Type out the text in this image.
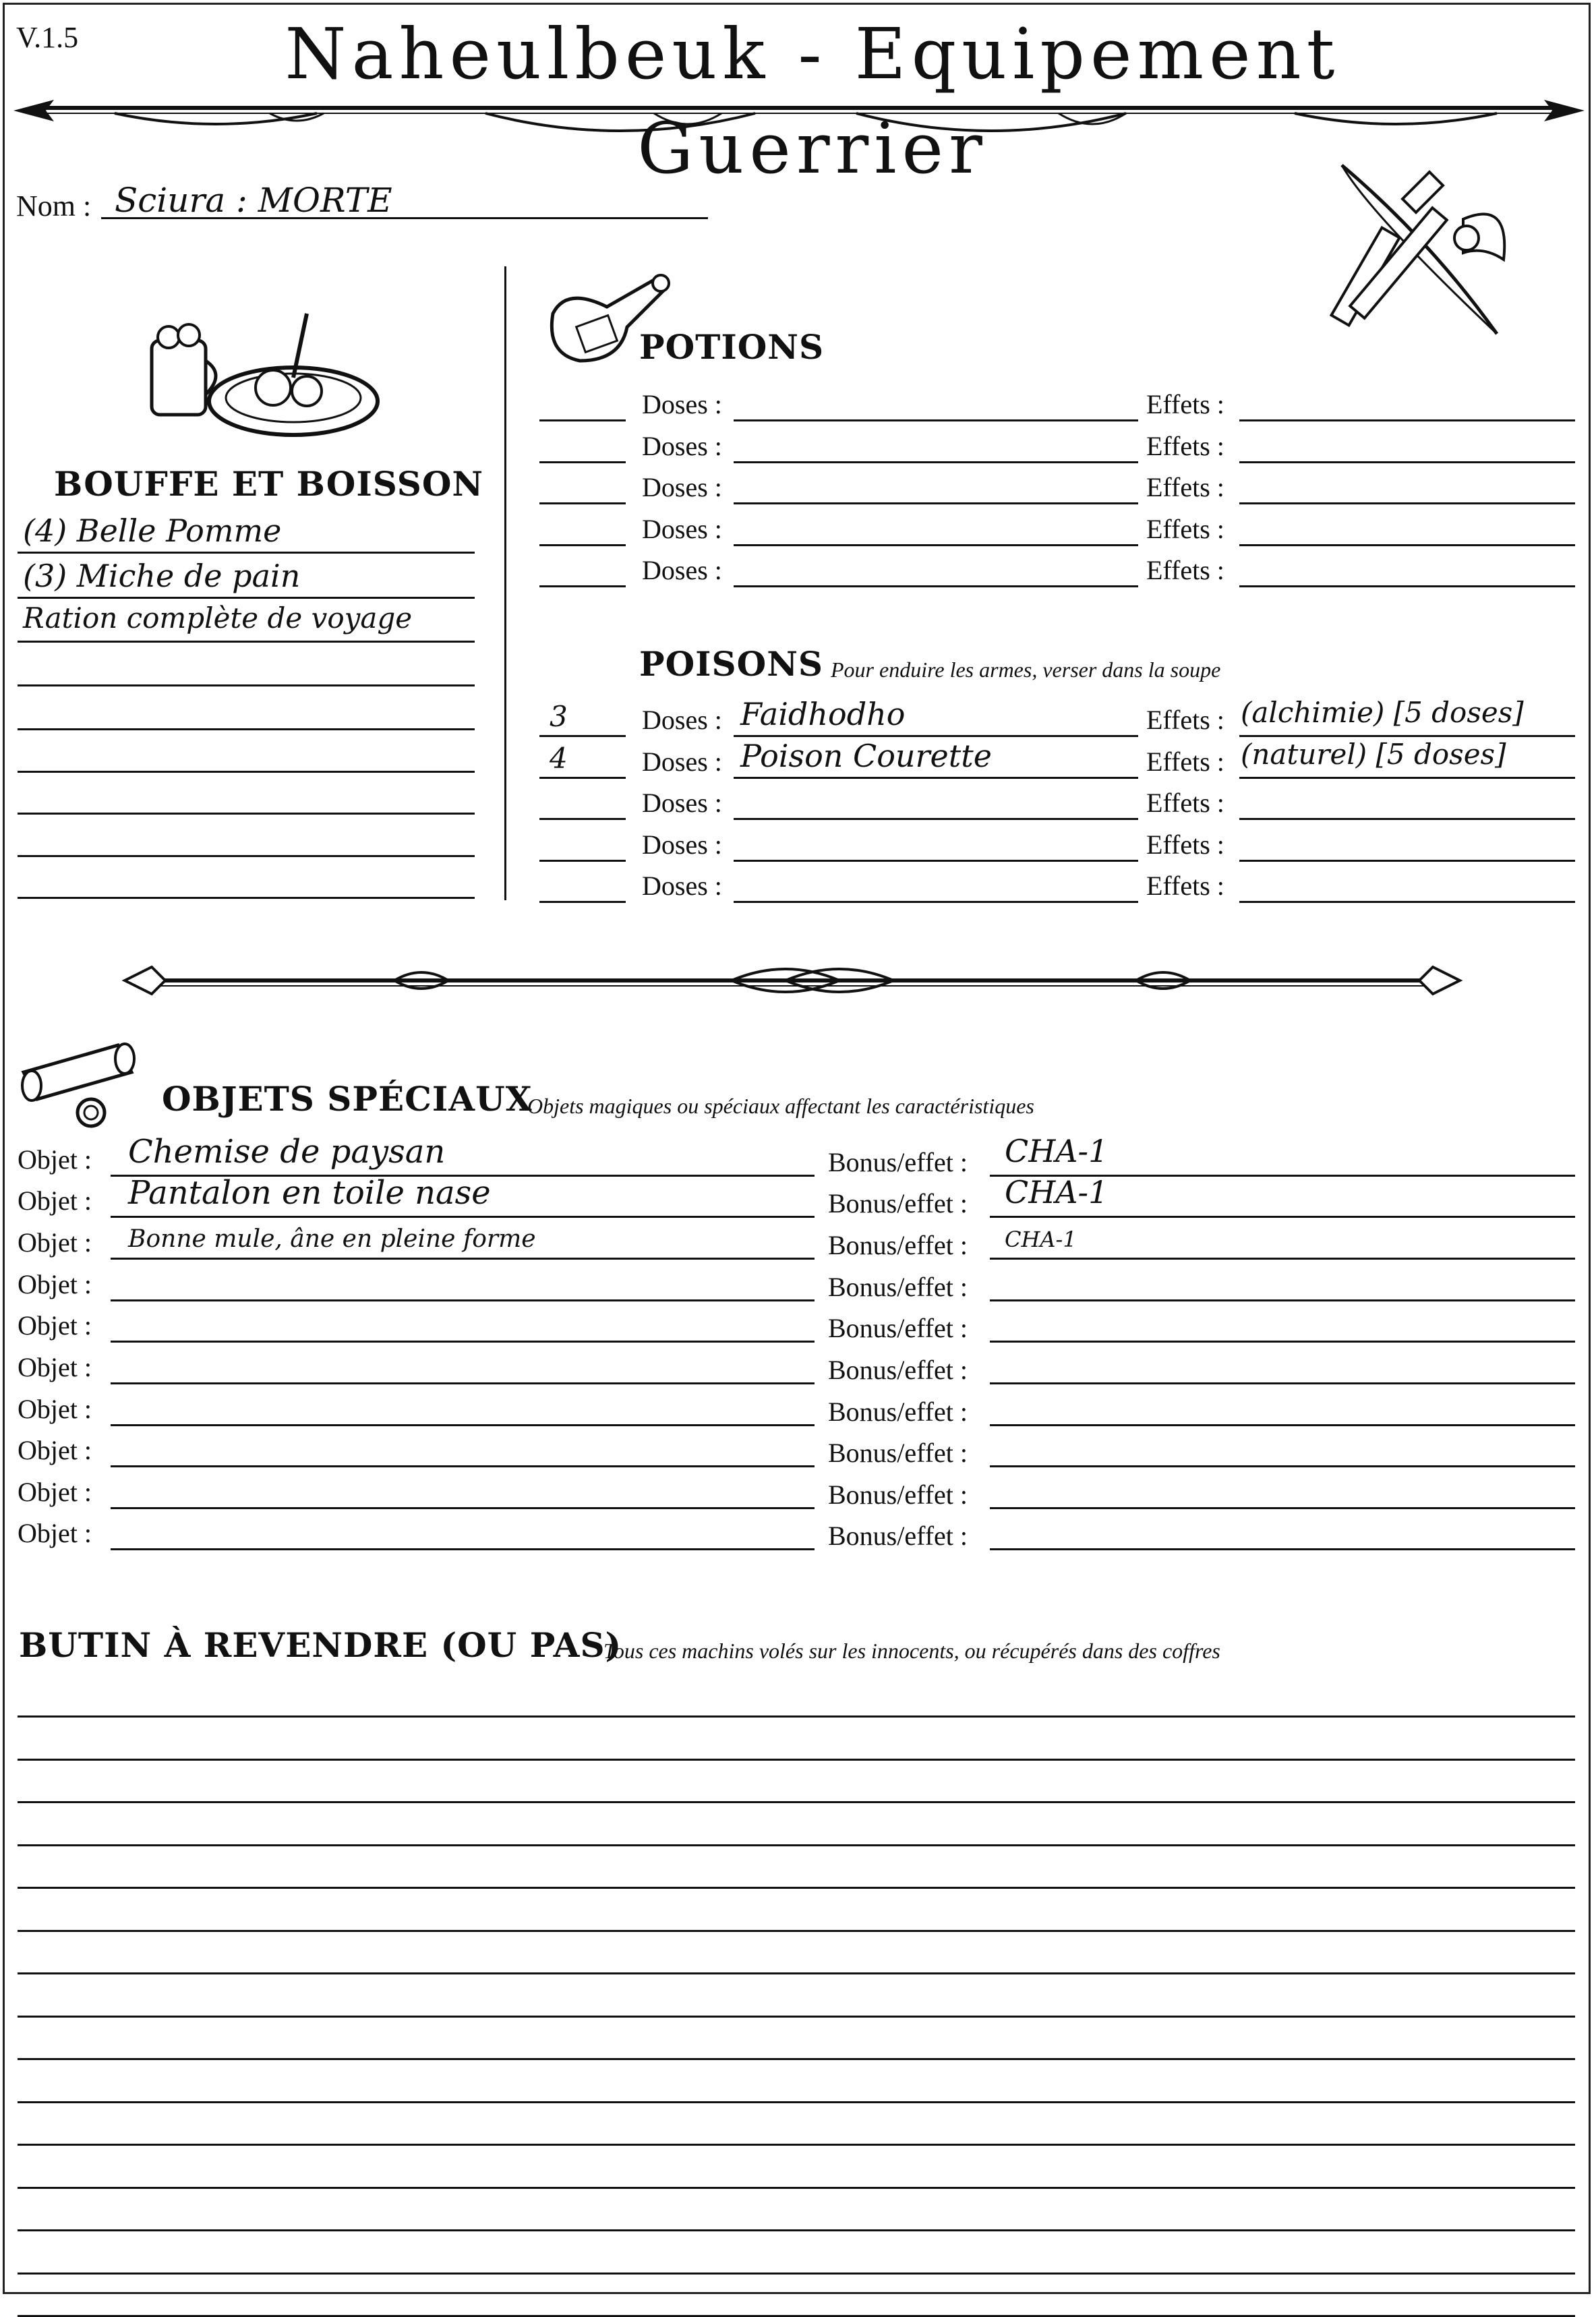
V.1.5	Naheulbeuk - Equipement Guerrier
Nom : Sciura : MORTE
BOUFFE ET BOISSON
(4) Belle Pomme
(3) Miche de pain
Ration complète de voyage
POTIONS
Doses :	Effets :
Doses :	Effets :
Doses :	Effets :
Doses :	Effets :
Doses :	Effets :
POISONS Pour enduire les armes, verser dans la soupe
3	Doses : Faidhodho	Effets : (alchimie) [5 doses]
4	Doses : Poison Courette	Effets : (naturel) [5 doses]
Doses :	Effets :
Doses :	Effets :
Doses :	Effets :
OBJETS SPÉCIAUX
Objets magiques ou spéciaux affectant les caractéristiques
Objet : Chemise de paysan	Bonus/effet : CHA-1
Objet : Pantalon en toile nase	Bonus/effet : CHA-1
Objet : Bonne mule, âne en pleine forme	Bonus/effet : CHA-1
Objet :	Bonus/effet :
Objet :	Bonus/effet :
Objet :	Bonus/effet :
Objet :	Bonus/effet :
Objet :	Bonus/effet :
Objet :	Bonus/effet :
Objet :	Bonus/effet :
BUTIN À REVENDRE (OU PAS)
Tous ces machins volés sur les innocents, ou récupérés dans des coffres
